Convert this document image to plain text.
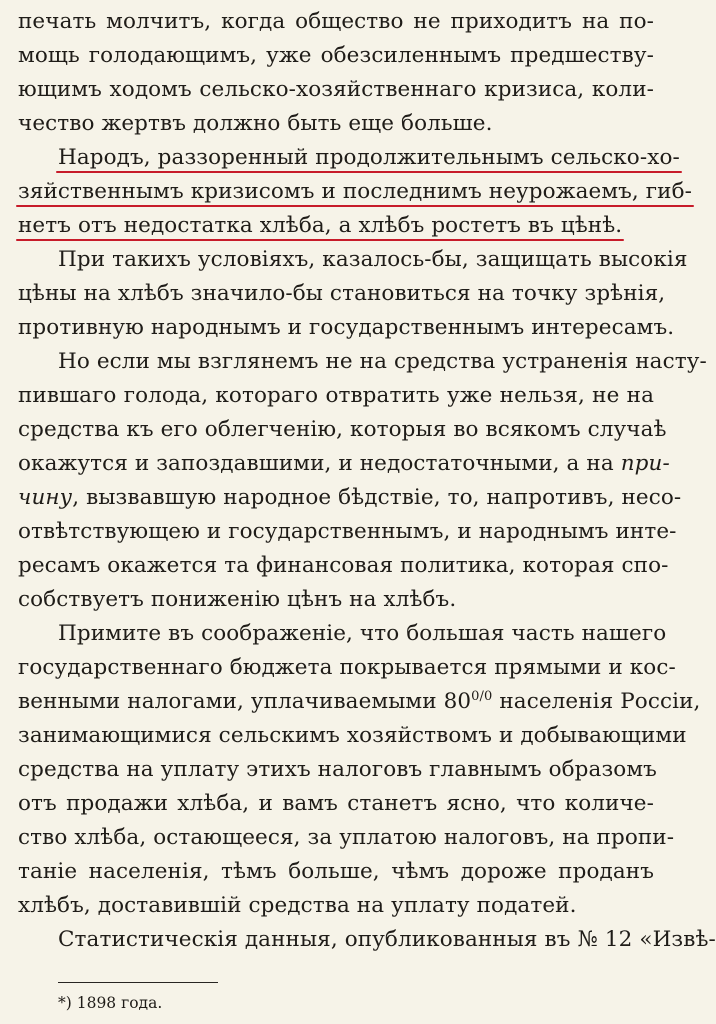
печать молчитъ, когда общество не приходитъ на по-
мощь голодающимъ, уже обезсиленнымъ предшеству-
ющимъ ходомъ сельско-хозяйственнаго кризиса, коли-
чество жертвъ должно быть еще больше.
Народъ, раззоренный продолжительнымъ сельско-хо-
зяйственнымъ кризисомъ и последнимъ неурожаемъ, гиб-
нетъ отъ недостатка хлѣба, а хлѣбъ ростетъ въ цѣнѣ.
При такихъ условіяхъ, казалось-бы, защищать высокія
цѣны на хлѣбъ значило-бы становиться на точку зрѣнія,
противную народнымъ и государственнымъ интересамъ.
Но если мы взглянемъ не на средства устраненія насту-
пившаго голода, котораго отвратить уже нельзя, не на
средства къ его облегченію, которыя во всякомъ случаѣ
окажутся и запоздавшими, и недостаточными, а на при-
чину, вызвавшую народное бѣдствіе, то, напротивъ, несо-
отвѣтствующею и государственнымъ, и народнымъ инте-
ресамъ окажется та финансовая политика, которая спо-
собствуетъ пониженію цѣнъ на хлѣбъ.
Примите въ соображеніе, что большая часть нашего
государственнаго бюджета покрывается прямыми и кос-
венными налогами, уплачиваемыми $80^{0/0}$ населенія Россіи,
занимающимися сельскимъ хозяйствомъ и добывающими
средства на уплату этихъ налоговъ главнымъ образомъ
отъ продажи хлѣба, и вамъ станетъ ясно, что количе-
ство хлѣба, остающееся, за уплатою налоговъ, на пропи-
таніе населенія, тѣмъ больше, чѣмъ дороже проданъ
хлѣбъ, доставившій средства на уплату податей.
Статистическія данныя, опубликованныя въ № 12 «Извѣ-
*) 1898 года.
